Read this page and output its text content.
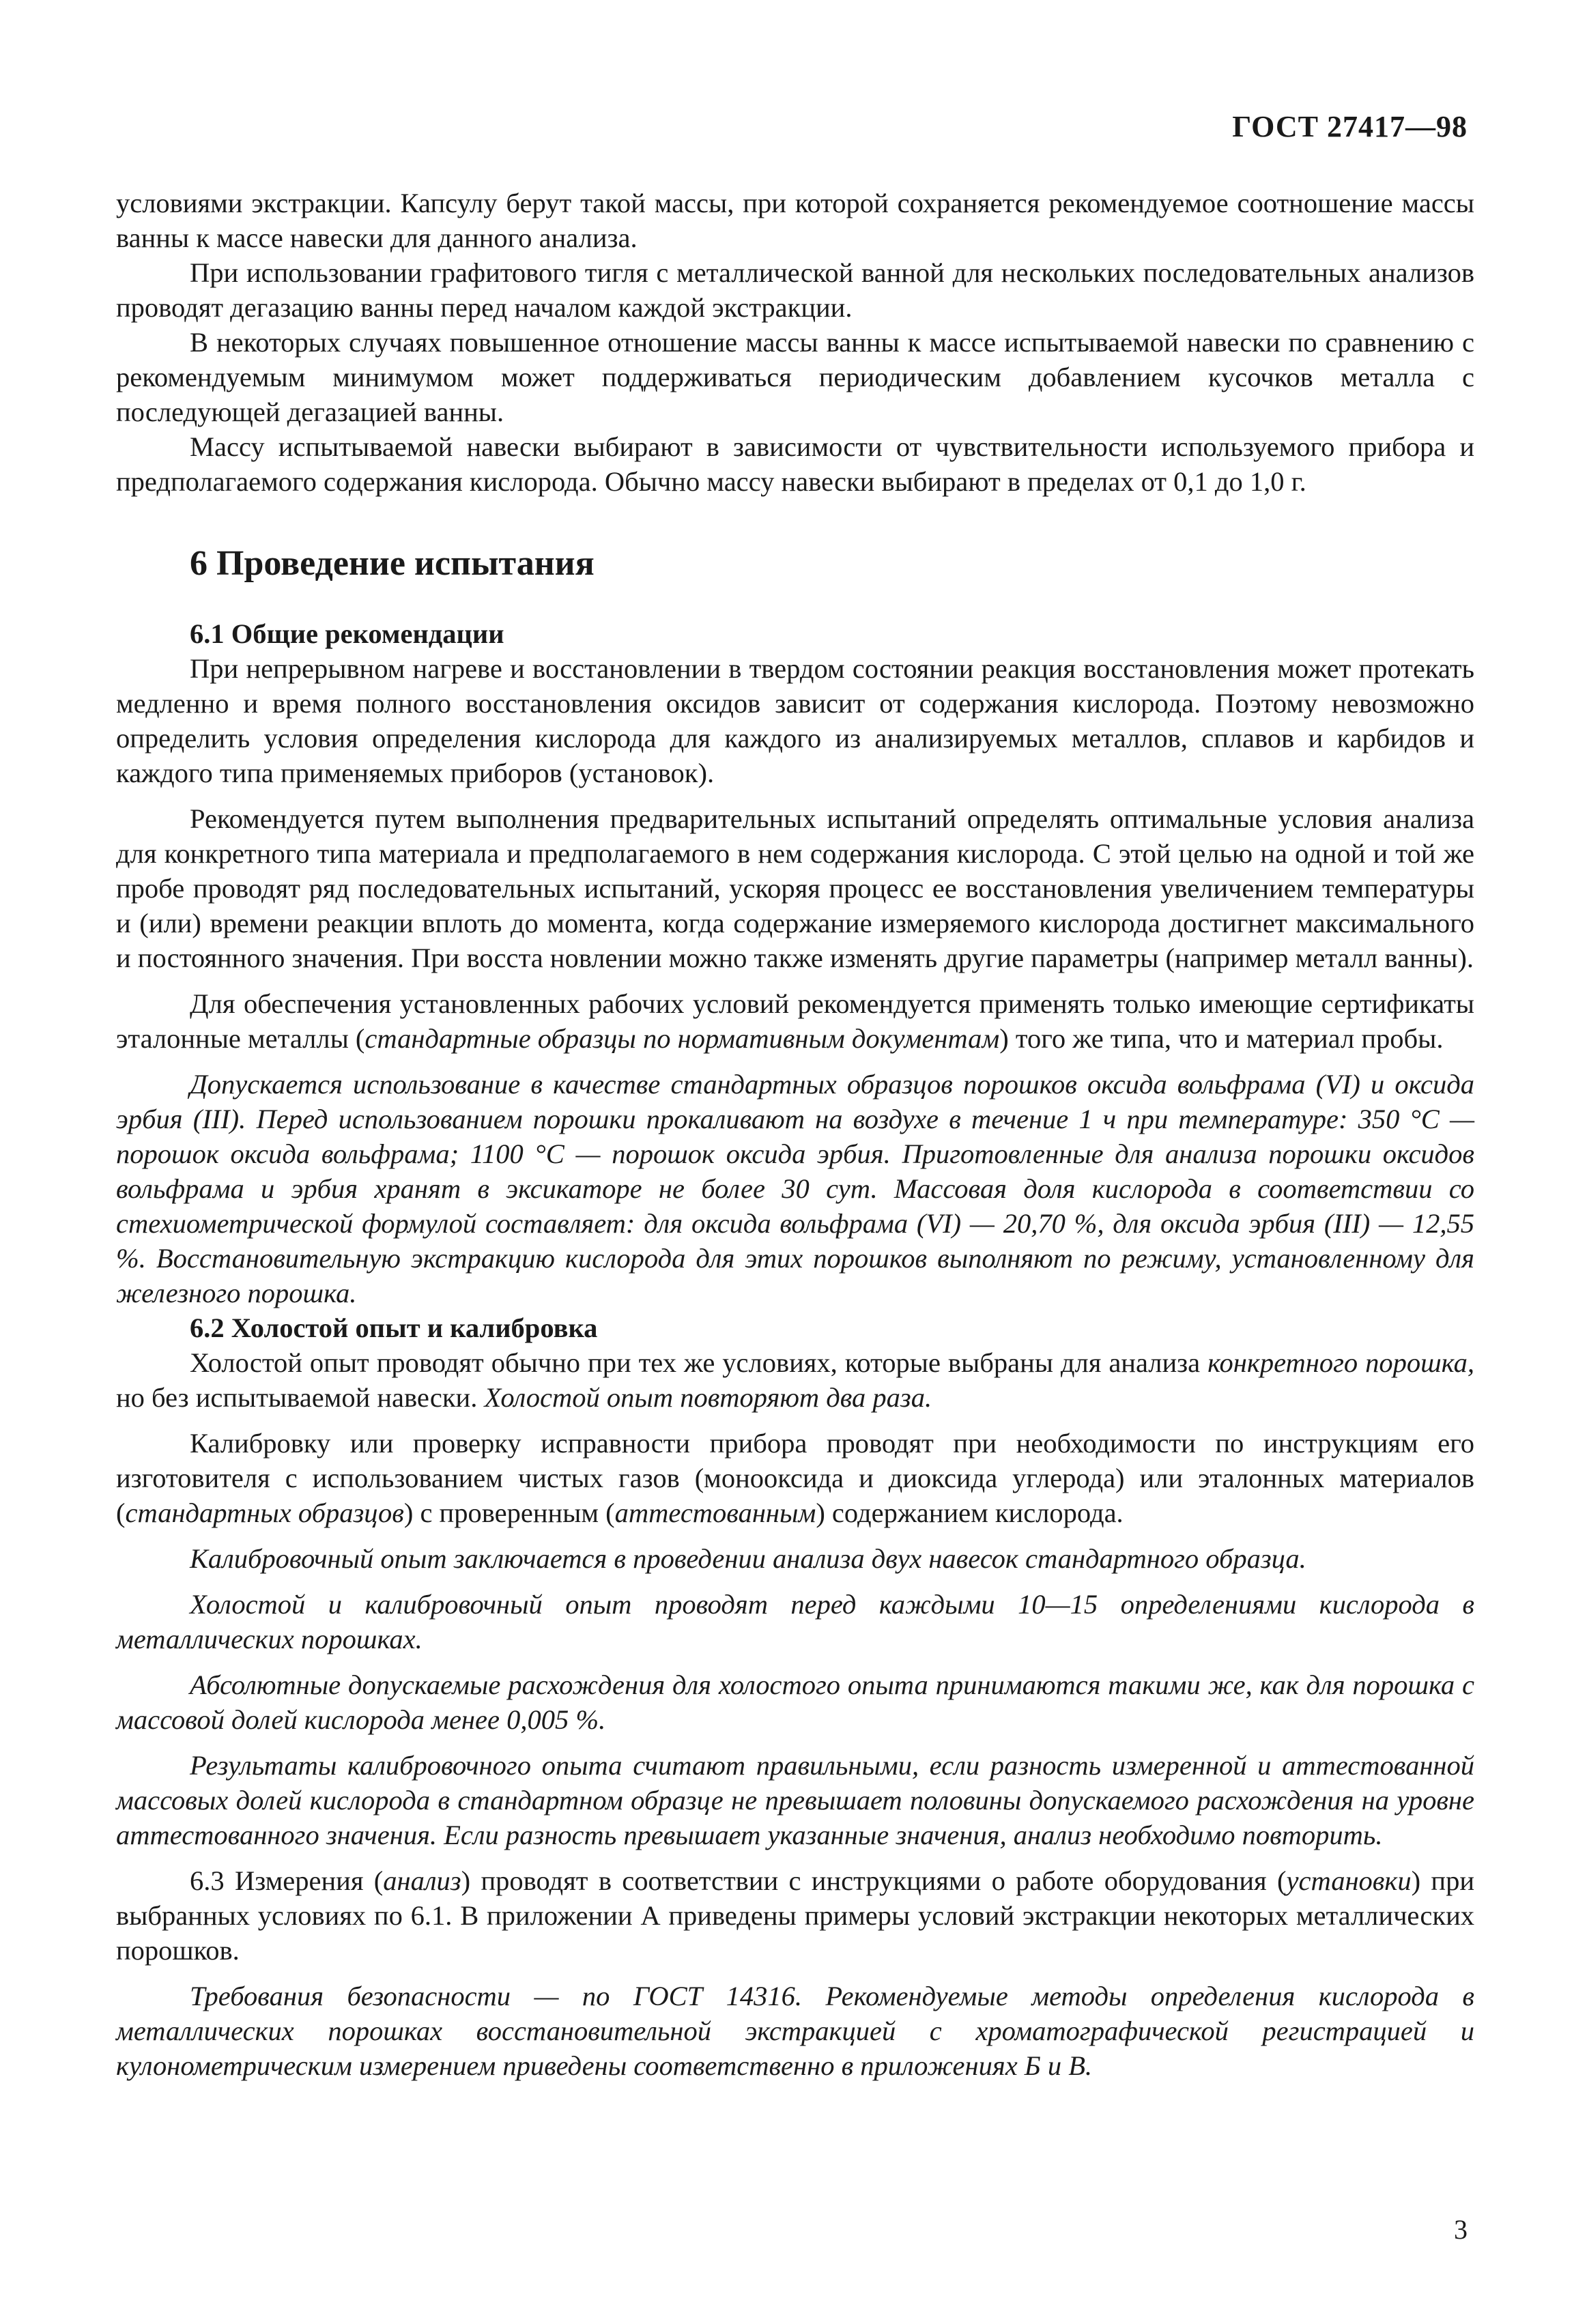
ГОСТ 27417—98

условиями экстракции. Капсулу берут такой массы, при которой сохраняется рекомендуемое соотношение массы ванны к массе навески для данного анализа.

При использовании графитового тигля с металлической ванной для нескольких последовательных анализов проводят дегазацию ванны перед началом каждой экстракции.

В некоторых случаях повышенное отношение массы ванны к массе испытываемой навески по сравнению с рекомендуемым минимумом может поддерживаться периодическим добавлением кусочков металла с последующей дегазацией ванны.

Массу испытываемой навески выбирают в зависимости от чувствительности используемого прибора и предполагаемого содержания кислорода. Обычно массу навески выбирают в пределах от 0,1 до 1,0 г.

6 Проведение испытания
6.1 Общие рекомендации

При непрерывном нагреве и восстановлении в твердом состоянии реакция восстановления может протекать медленно и время полного восстановления оксидов зависит от содержания кислорода. Поэтому невозможно определить условия определения кислорода для каждого из анализируемых металлов, сплавов и карбидов и каждого типа применяемых приборов (установок).

Рекомендуется путем выполнения предварительных испытаний определять оптимальные условия анализа для конкретного типа материала и предполагаемого в нем содержания кислорода. С этой целью на одной и той же пробе проводят ряд последовательных испытаний, ускоряя процесс ее восстановления увеличением температуры и (или) времени реакции вплоть до момента, когда содержание измеряемого кислорода достигнет максимального и постоянного значения. При восста новлении можно также изменять другие параметры (например металл ванны).

Для обеспечения установленных рабочих условий рекомендуется применять только имеющие сертификаты эталонные металлы (стандартные образцы по нормативным документам) того же типа, что и материал пробы.

Допускается использование в качестве стандартных образцов порошков оксида вольфрама (VI) и оксида эрбия (III). Перед использованием порошки прокаливают на воздухе в течение 1 ч при температуре: 350 °C — порошок оксида вольфрама; 1100 °C — порошок оксида эрбия. Приготовленные для анализа порошки оксидов вольфрама и эрбия хранят в эксикаторе не более 30 сут. Массовая доля кислорода в соответствии со стехиометрической формулой составляет: для оксида вольфрама (VI) — 20,70 %, для оксида эрбия (III) — 12,55 %. Восстановительную экстракцию кислорода для этих порошков выполняют по режиму, установленному для железного порошка.

6.2 Холостой опыт и калибровка

Холостой опыт проводят обычно при тех же условиях, которые выбраны для анализа конкретного порошка, но без испытываемой навески. Холостой опыт повторяют два раза.

Калибровку или проверку исправности прибора проводят при необходимости по инструкциям его изготовителя с использованием чистых газов (монооксида и диоксида углерода) или эталонных материалов (стандартных образцов) с проверенным (аттестованным) содержанием кислорода.

Калибровочный опыт заключается в проведении анализа двух навесок стандартного образца.

Холостой и калибровочный опыт проводят перед каждыми 10—15 определениями кислорода в металлических порошках.

Абсолютные допускаемые расхождения для холостого опыта принимаются такими же, как для порошка с массовой долей кислорода менее 0,005 %.

Результаты калибровочного опыта считают правильными, если разность измеренной и аттестованной массовых долей кислорода в стандартном образце не превышает половины допускаемого расхождения на уровне аттестованного значения. Если разность превышает указанные значения, анализ необходимо повторить.

6.3 Измерения (анализ) проводят в соответствии с инструкциями о работе оборудования (установки) при выбранных условиях по 6.1. В приложении А приведены примеры условий экстракции некоторых металлических порошков.

Требования безопасности — по ГОСТ 14316. Рекомендуемые методы определения кислорода в металлических порошках восстановительной экстракцией с хроматографической регистрацией и кулонометрическим измерением приведены соответственно в приложениях Б и В.

3
